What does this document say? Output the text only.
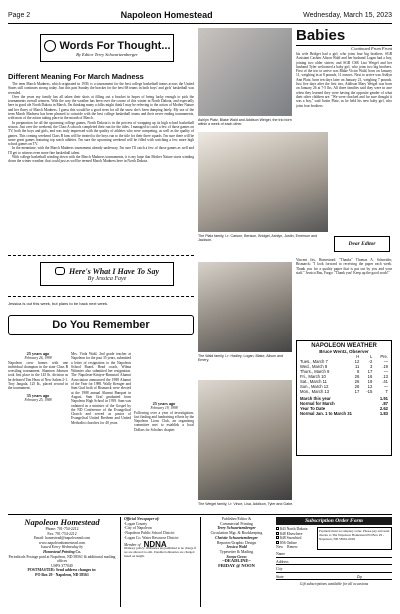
Page 2	Napoleon Homestead	Wednesday, March 15, 2023
Words For Thought...
By Editor Terry Schwartzenberger
Different Meaning For March Madness

The term March Madness, which originated in 1939, is a tournament for the best college basketball teams across the United States still continues strong today. Just this past Sunday the bracket for the best 68 teams in both boys' and girls' basketball was revealed.

Over the years my family has all taken their shots at filling out a bracket in hopes of being lucky enough to pick the tournaments overall winners. With the way the weather has been over the course of this winter in North Dakota, and especially here in good ole North Dakota in March, I'm thinking many a folks might think I may be referring to the action of Mother Nature and her flurry of March Madness. I guess this would be a good term for all the snow she's been dumping lately. My use of the term March Madness has been phrased to coincide with the best college basketball teams and their never ending tournaments, with most of the action taking place in the month of March.

In preparation for all the upcoming college games, North Dakota is in the process of wrapping up its high school basketball season. Just over the weekend, the Class A schools completed their run for the titles. I managed to catch a few of those games on TV, both the boys and girls, and was truly impressed with the quality of athletes who were competing, as well as the quality of games. This coming weekend Class B fans will be treated to the boys run to the title for their three squads. I'm sure there will be some great games featuring top notch athletes. I'm sure the upcoming weekend will be filled with watching a few more high school games on TV.

In the meantime, with the March Madness tournament already underway, I'm sure I'll catch a few of those games as well and I'll get to witness even more fine basketball talent.

With college basketball winding down with the March Madness tournaments, it is my hope that Mother Nature starts winding down the winter weather, that could just as well be termed March Madness here in North Dakota.

Ashlyn Platz, Blake Wald and Addison Weigel, the trio born within a week of each other.
Babies
Continued From Front
his wife Bridget had a girl, who joins four big brothers. SGB Assistant Cashier Alison Wald and her husband Logan had a boy, joining two older sisters; and SGB CSR Lisa Weigel and her husband Tyler welcomed a baby girl, who joins two big brothers. First of the trio to arrive was Blake Victor Wald, born on January 11, weighing in at 8 pounds, 11 ounces. Next to arrive was Ashlyn Ann Platz, born ten days later on January 21, weighing 7 pounds. Just five days after the first two, Addison Mary Weigel was born on January 26 at 7-5 lbs. All three families said they were in awe when they learned they were having the opposite gender of what their other children are. "We were shocked and for sure thought it was a boy," said Justin Platz, as he held his new baby girl, who joins four brothers.
The Platz family, l-r: Carson, Benson, Bridget, Ashlyn, Justin, Emerson and Jackson.
Dear Editor
Here's What I Have To Say
By Jessica Faye
Jessica is out this week, but plans to be back next week.
Do You Remember
25 years ago
February 26, 1998
Napoleon crew homes with one individual champion in the state Class B wrestling tournament. Shannon Johnson took first place in the 145 lb. division as he defeated Tim Heau of New Salem 2-1. Troy Jangula, 125 lb., placed second in the tournament.
35 years ago
February 25, 1988
Mrs. Viola Wald, 2nd grade teacher at Napoleon for the past 35 years, submitted a letter of resignation to the Napoleon School Board. Head coach, Wilma Wittmier also submitted her resignation. The Napoleon-Kintyre-Burnstad Alumni Association announced the 1988 Alumni of the Year for 1988. Wally Kreuger and Sam Graf both of Bismarck were elected at the 1988 annual Alumni Banquet in August. Sam Graf graduated from Napoleon High School in 1939. Sam was ordained as a minister of the Gospel by the ND Conference of the Evangelical Church and served as pastor of Evangelical United Brethren and United Methodist churches for 40 years.
25 years ago
February 19, 1998
Following over a year of investigation, fact finding and fundraising efforts by the Napoleon Lions Club, an organizing committee met to establish a local Dollars for Scholars chapter.
The Wald family, l-r: Hadley, Logan, Blake, Alison and Emery.
Vincent fits, Homestead: "Thanks" Thomas A. Schneider, Bismarck: "I look forward to receiving the paper each week. Thank you for a quality paper that is put out by you and your staff." Jessica Rau, Fargo: "Thank you! Keep up the good work!"
NAPOLEON WEATHER
Bruce Wentz, Observer
	H	L	Pre.
Tues., March 7	12	-2	—
Wed., March 8	11	3	.19
Thurs., March 9	8	17	—
Fri., March 10	26	16	.13
Sat., March 11	26	19	.41
Sun., March 12	26	12	—
Mon., March 13	17	-15	T
March this year	1.91
Normal for March	.87
Year To Date	2.62
Normal Jan. 1 to March 31	1.83
The Weigel family, l-r: Vince, Lisa, Addison, Tyler and Gabe.
Napoleon Homestead
Phone: 701-754-2212
Fax: 701-754-2212
Email: homestead@napoleonnd.com
www.napoleonhomestead.com
Issued Every Wednesday by
Homestead Printing Co.
Periodicals Postage paid at Napoleon, ND 58561 & additional mailing offices
USPS 377040
POSTMASTER: Send address changes to:
PO Box 29 - Napoleon, ND 58561
Official Newspaper of:
-Logan County
-City of Napoleon
-Napoleon Public School District
-Logan Co. Water Resource District
Member of NDNA
Obituary policy: Obituaries are published at no charge if we are allowed to edit. Unedited obituaries are charged based on length.
Publisher/Editor &
Commercial Printing
Terry Schwartzenberger
Circulation Mgr. & Bookkeeping
Christie Schwartzenberger
Reporter/Graphic Design
Jessica Wald
Typesetter & Mailing
Sonya Gross
~DEADLINE~
FRIDAY @ NOON
Subscription Order Form
$43 North Dakota
$48 Elsewhere
$48 Snowbird
$56 Online
New Renew
Payment must accompany order. Please pay and send checks to The Napoleon Homestead PO Box 29 - Napoleon, ND 58561-0029
Name
Address
City
State	Zip
Gift subscriptions available for all occasions
